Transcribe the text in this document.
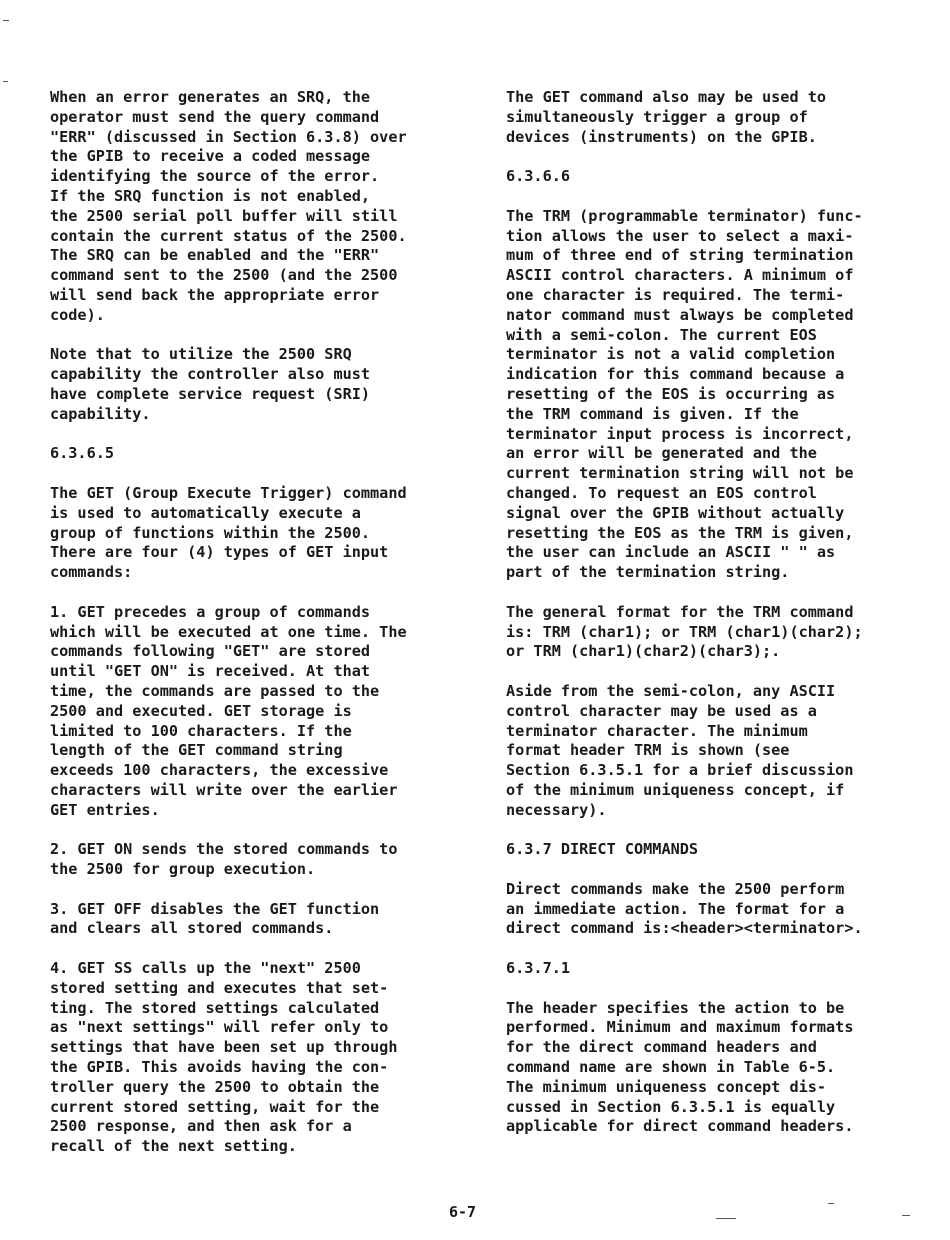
When an error generates an SRQ, the
operator must send the query command
"ERR" (discussed in Section 6.3.8) over
the GPIB to receive a coded message
identifying the source of the error.
If the SRQ function is not enabled,
the 2500 serial poll buffer will still
contain the current status of the 2500.
The SRQ can be enabled and the "ERR"
command sent to the 2500 (and the 2500
will send back the appropriate error
code).

Note that to utilize the 2500 SRQ
capability the controller also must
have complete service request (SRI)
capability.

6.3.6.5

The GET (Group Execute Trigger) command
is used to automatically execute a
group of functions within the 2500.
There are four (4) types of GET input
commands:

1. GET precedes a group of commands
which will be executed at one time. The
commands following "GET" are stored
until "GET ON" is received. At that
time, the commands are passed to the
2500 and executed. GET storage is
limited to 100 characters. If the
length of the GET command string
exceeds 100 characters, the excessive
characters will write over the earlier
GET entries.

2. GET ON sends the stored commands to
the 2500 for group execution.

3. GET OFF disables the GET function
and clears all stored commands.

4. GET SS calls up the "next" 2500
stored setting and executes that set-
ting. The stored settings calculated
as "next settings" will refer only to
settings that have been set up through
the GPIB. This avoids having the con-
troller query the 2500 to obtain the
current stored setting, wait for the
2500 response, and then ask for a
recall of the next setting.

The GET command also may be used to
simultaneously trigger a group of
devices (instruments) on the GPIB.

6.3.6.6

The TRM (programmable terminator) func-
tion allows the user to select a maxi-
mum of three end of string termination
ASCII control characters. A minimum of
one character is required. The termi-
nator command must always be completed
with a semi-colon. The current EOS
terminator is not a valid completion
indication for this command because a
resetting of the EOS is occurring as
the TRM command is given. If the
terminator input process is incorrect,
an error will be generated and the
current termination string will not be
changed. To request an EOS control
signal over the GPIB without actually
resetting the EOS as the TRM is given,
the user can include an ASCII " " as
part of the termination string.

The general format for the TRM command
is: TRM (char1); or TRM (char1)(char2);
or TRM (char1)(char2)(char3);.

Aside from the semi-colon, any ASCII
control character may be used as a
terminator character. The minimum
format header TRM is shown (see
Section 6.3.5.1 for a brief discussion
of the minimum uniqueness concept, if
necessary).

6.3.7 DIRECT COMMANDS

Direct commands make the 2500 perform
an immediate action. The format for a
direct command is:<header><terminator>.

6.3.7.1

The header specifies the action to be
performed. Minimum and maximum formats
for the direct command headers and
command name are shown in Table 6-5.
The minimum uniqueness concept dis-
cussed in Section 6.3.5.1 is equally
applicable for direct command headers.

6-7
